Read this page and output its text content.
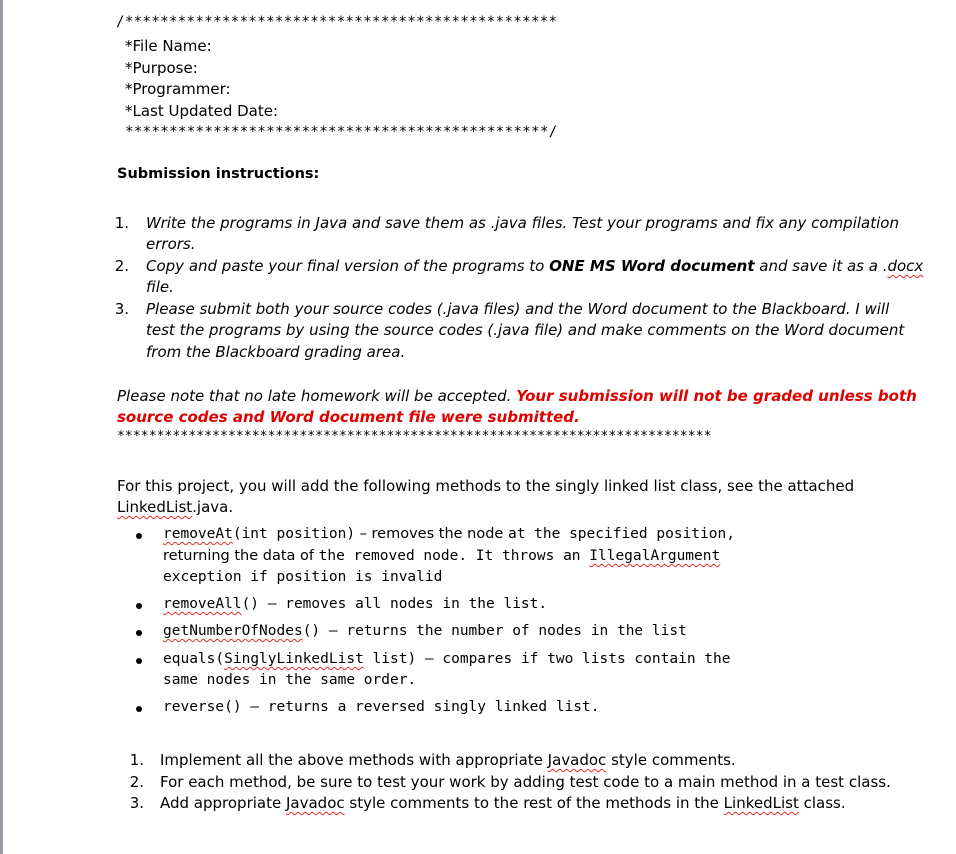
/*************************************************
*File Name:
*Purpose:
*Programmer:
*Last Updated Date:
************************************************/
Submission instructions:
1. Write the programs in Java and save them as .java files. Test your programs and fix any compilation
errors.
2. Copy and paste your final version of the programs to ONE MS Word document and save it as a .docx
file.
3. Please submit both your source codes (.java files) and the Word document to the Blackboard. I will
test the programs by using the source codes (.java file) and make comments on the Word document
from the Blackboard grading area.
Please note that no late homework will be accepted. Your submission will not be graded unless both
source codes and Word document file were submitted.
***************************************************************************
For this project, you will add the following methods to the singly linked list class, see the attached
LinkedList.java.
removeAt(int position) – removes the node at the specified position,
returning the data of the removed node. It throws an IllegalArgument
exception if position is invalid
removeAll() – removes all nodes in the list.
getNumberOfNodes() – returns the number of nodes in the list
equals(SinglyLinkedList list) – compares if two lists contain the
same nodes in the same order.
reverse() – returns a reversed singly linked list.
1. Implement all the above methods with appropriate Javadoc style comments.
2. For each method, be sure to test your work by adding test code to a main method in a test class.
3. Add appropriate Javadoc style comments to the rest of the methods in the LinkedList class.
